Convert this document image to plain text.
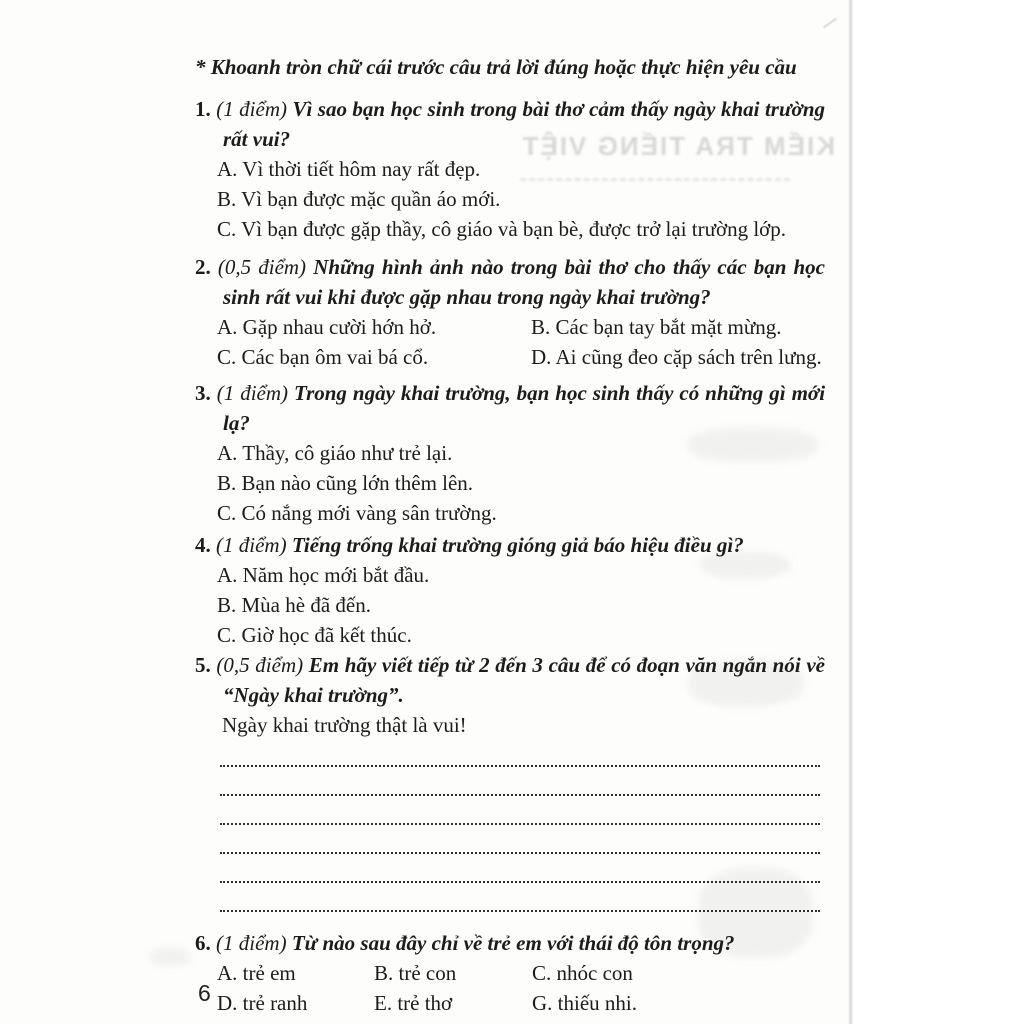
KIỂM TRA TIẾNG VIỆT

* Khoanh tròn chữ cái trước câu trả lời đúng hoặc thực hiện yêu cầu

1. (1 điểm) Vì sao bạn học sinh trong bài thơ cảm thấy ngày khai trường rất vui?

A. Vì thời tiết hôm nay rất đẹp.
B. Vì bạn được mặc quần áo mới.
C. Vì bạn được gặp thầy, cô giáo và bạn bè, được trở lại trường lớp.

2. (0,5 điểm) Những hình ảnh nào trong bài thơ cho thấy các bạn học sinh rất vui khi được gặp nhau trong ngày khai trường?

A. Gặp nhau cười hớn hở.	B. Các bạn tay bắt mặt mừng.
C. Các bạn ôm vai bá cổ.	D. Ai cũng đeo cặp sách trên lưng.

3. (1 điểm) Trong ngày khai trường, bạn học sinh thấy có những gì mới lạ?

A. Thầy, cô giáo như trẻ lại.
B. Bạn nào cũng lớn thêm lên.
C. Có nắng mới vàng sân trường.

4. (1 điểm) Tiếng trống khai trường gióng giả báo hiệu điều gì?

A. Năm học mới bắt đầu.
B. Mùa hè đã đến.
C. Giờ học đã kết thúc.

5. (0,5 điểm) Em hãy viết tiếp từ 2 đến 3 câu để có đoạn văn ngắn nói về “Ngày khai trường”.

Ngày khai trường thật là vui!

6. (1 điểm) Từ nào sau đây chỉ về trẻ em với thái độ tôn trọng?

A. trẻ em	B. trẻ con	C. nhóc con
D. trẻ ranh	E. trẻ thơ	G. thiếu nhi.
6
